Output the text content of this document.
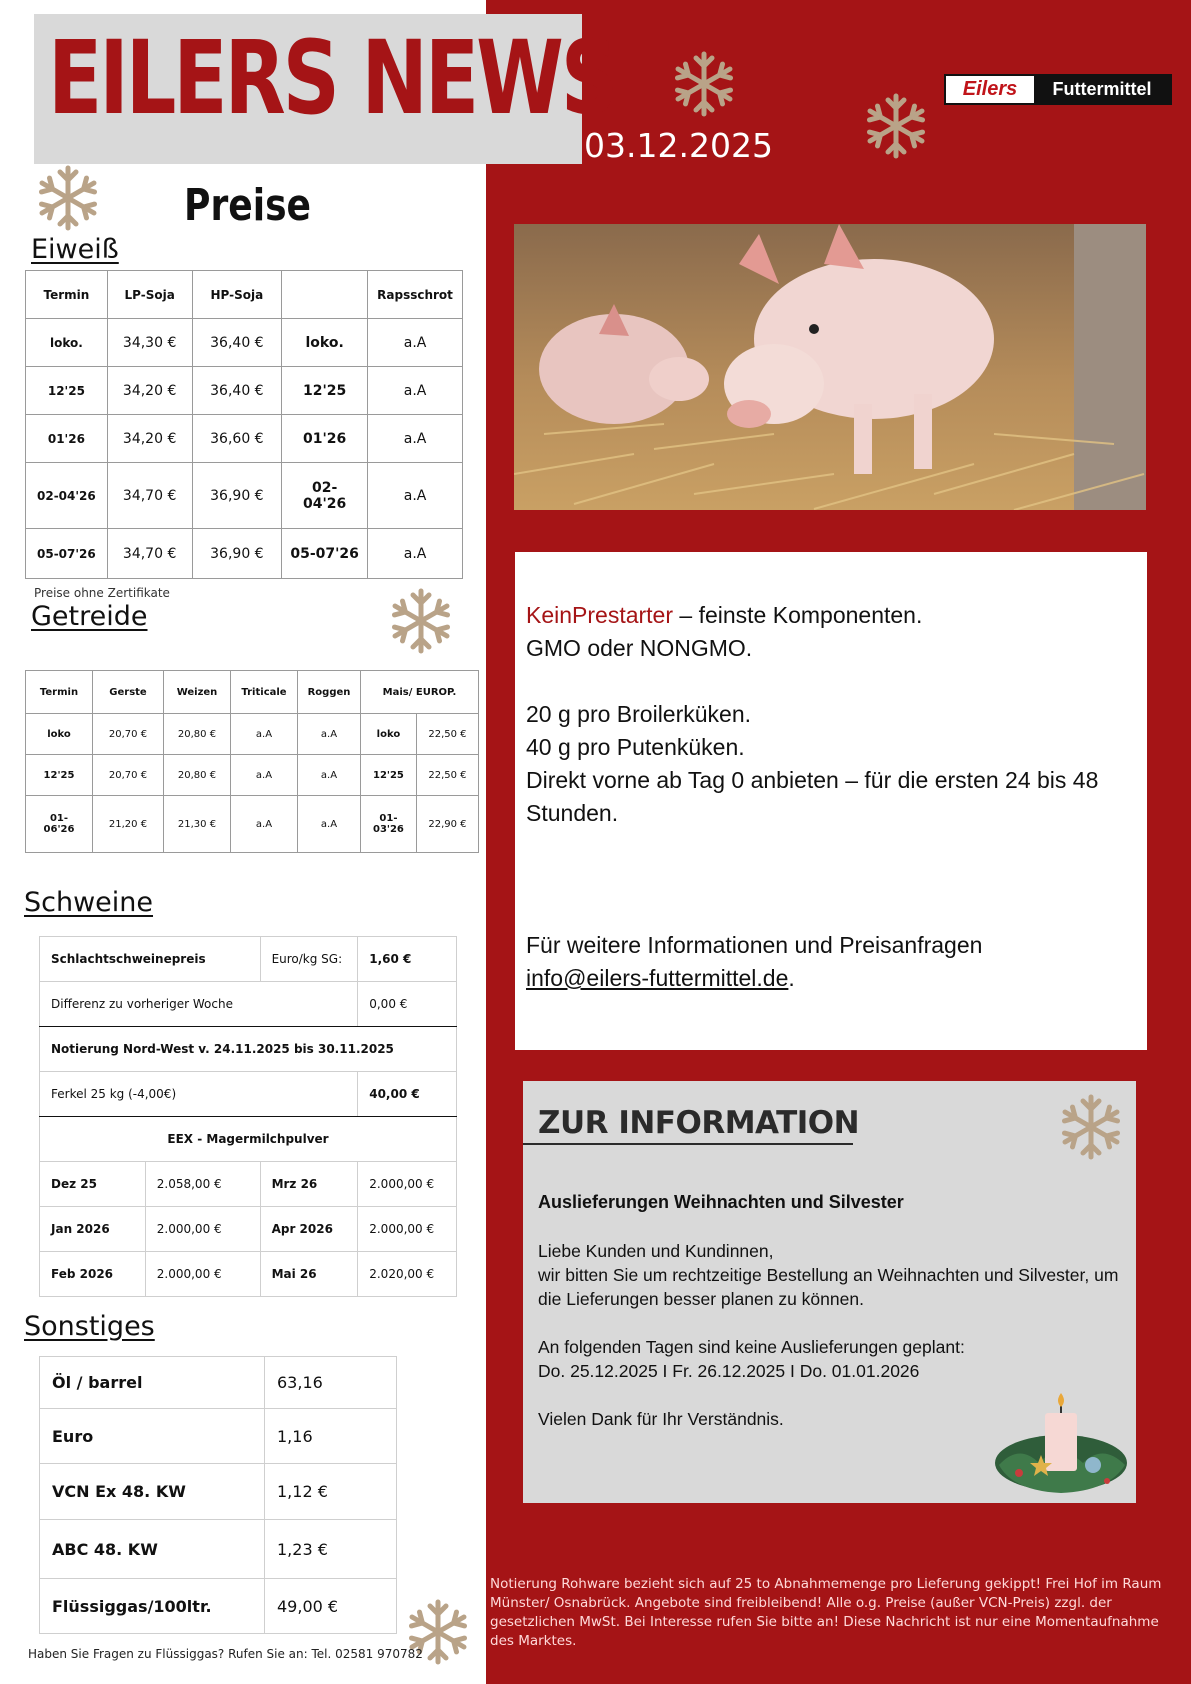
EILERS NEWS
03.12.2025
Eilers	Futtermittel
Preise
Eiweiß
Termin	LP-Soja	HP-Soja		Rapsschrot
loko.	34,30 €	36,40 €	loko.	a.A
12'25	34,20 €	36,40 €	12'25	a.A
01'26	34,20 €	36,60 €	01'26	a.A
02-04'26	34,70 €	36,90 €	02-04'26	a.A
05-07'26	34,70 €	36,90 €	05-07'26	a.A
Preise ohne Zertifikate
Getreide
Termin	Gerste	Weizen	Triticale	Roggen	Mais/ EUROP.	
loko	20,70 €	20,80 €	a.A	a.A	loko	22,50 €
12'25	20,70 €	20,80 €	a.A	a.A	12'25	22,50 €
01-06'26	21,20 €	21,30 €	a.A	a.A	01-03'26	22,90 €
Schweine
Schlachtschweinepreis		Euro/kg SG:	1,60 €
Differenz zu vorheriger Woche			0,00 €
Notierung Nord-West v. 24.11.2025 bis 30.11.2025			
Ferkel 25 kg (-4,00€)			40,00 €
EEX - Magermilchpulver			
Dez 25	2.058,00 €	Mrz 26	2.000,00 €
Jan 2026	2.000,00 €	Apr 2026	2.000,00 €
Feb 2026	2.000,00 €	Mai 26	2.020,00 €
Sonstiges
Öl / barrel	63,16
Euro	1,16
VCN Ex 48. KW	1,12 €
ABC 48. KW	1,23 €
Flüssiggas/100ltr.	49,00 €
Haben Sie Fragen zu Flüssiggas? Rufen Sie an: Tel. 02581 970782
KeinPrestarter – feinste Komponenten.
GMO oder NONGMO.
20 g pro Broilerküken.
40 g pro Putenküken.
Direkt vorne ab Tag 0 anbieten – für die ersten 24 bis 48 Stunden.
Für weitere Informationen und Preisanfragen
info@eilers-futtermittel.de.
ZUR INFORMATION
Auslieferungen Weihnachten und Silvester
Liebe Kunden und Kundinnen,
wir bitten Sie um rechtzeitige Bestellung an Weihnachten und Silvester, um die Lieferungen besser planen zu können.
An folgenden Tagen sind keine Auslieferungen geplant:
Do. 25.12.2025 I Fr. 26.12.2025 I Do. 01.01.2026
Vielen Dank für Ihr Verständnis.
Notierung Rohware bezieht sich auf 25 to Abnahmemenge pro Lieferung gekippt! Frei Hof im Raum Münster/ Osnabrück. Angebote sind freibleibend! Alle o.g. Preise (außer VCN-Preis) zzgl. der gesetzlichen MwSt. Bei Interesse rufen Sie bitte an! Diese Nachricht ist nur eine Momentaufnahme des Marktes.
